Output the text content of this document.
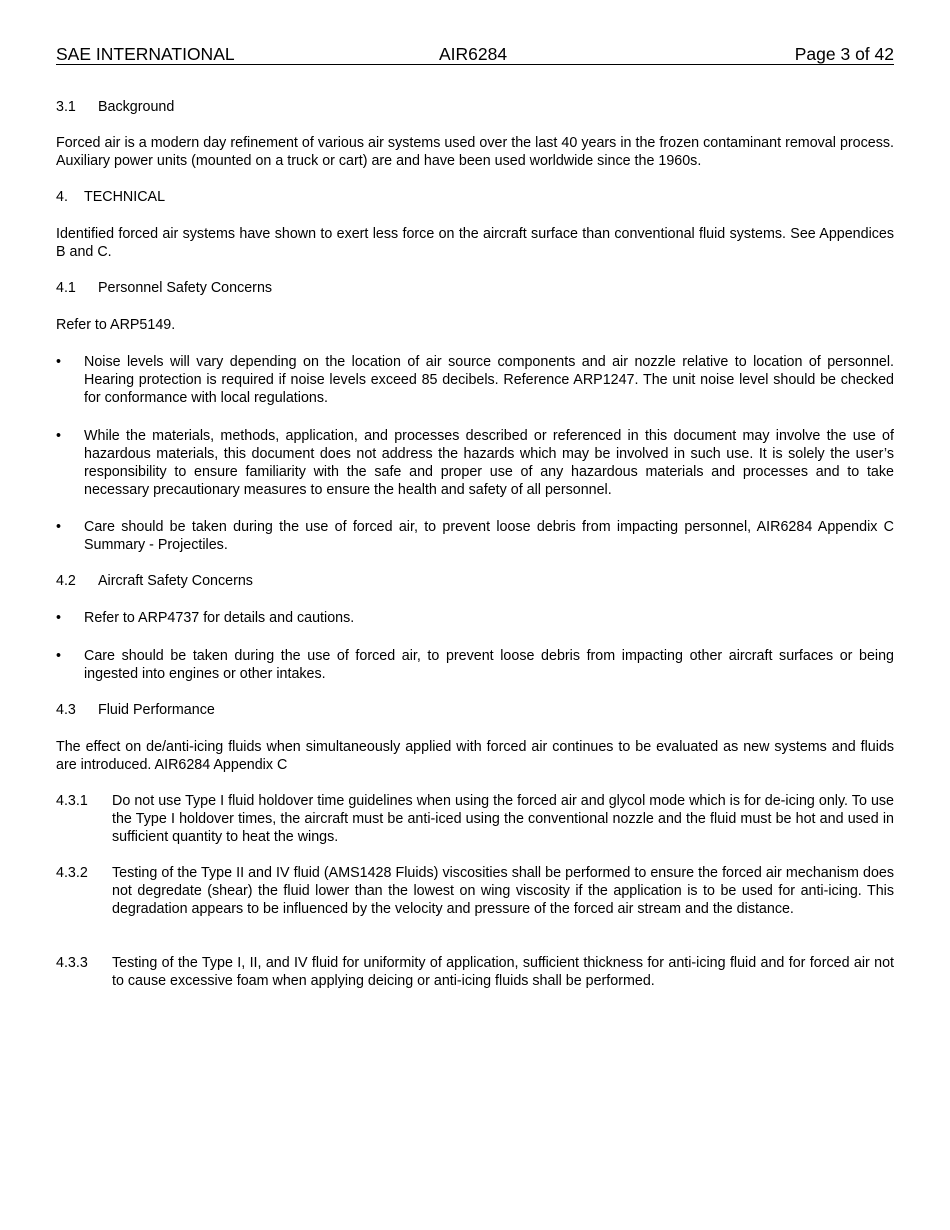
SAE INTERNATIONAL	AIR6284	Page 3 of 42
3.1 Background
Forced air is a modern day refinement of various air systems used over the last 40 years in the frozen contaminant removal process. Auxiliary power units (mounted on a truck or cart) are and have been used worldwide since the 1960s.
4. TECHNICAL
Identified forced air systems have shown to exert less force on the aircraft surface than conventional fluid systems. See Appendices B and C.
4.1 Personnel Safety Concerns
Refer to ARP5149.
•	Noise levels will vary depending on the location of air source components and air nozzle relative to location of personnel. Hearing protection is required if noise levels exceed 85 decibels. Reference ARP1247. The unit noise level should be checked for conformance with local regulations.
•	While the materials, methods, application, and processes described or referenced in this document may involve the use of hazardous materials, this document does not address the hazards which may be involved in such use. It is solely the user’s responsibility to ensure familiarity with the safe and proper use of any hazardous materials and processes and to take necessary precautionary measures to ensure the health and safety of all personnel.
•	Care should be taken during the use of forced air, to prevent loose debris from impacting personnel, AIR6284 Appendix C Summary - Projectiles.
4.2 Aircraft Safety Concerns
•	Refer to ARP4737 for details and cautions.
•	Care should be taken during the use of forced air, to prevent loose debris from impacting other aircraft surfaces or being ingested into engines or other intakes.
4.3 Fluid Performance
The effect on de/anti-icing fluids when simultaneously applied with forced air continues to be evaluated as new systems and fluids are introduced. AIR6284 Appendix C
4.3.1 Do not use Type I fluid holdover time guidelines when using the forced air and glycol mode which is for de-icing only. To use the Type I holdover times, the aircraft must be anti-iced using the conventional nozzle and the fluid must be hot and used in sufficient quantity to heat the wings.
4.3.2 Testing of the Type II and IV fluid (AMS1428 Fluids) viscosities shall be performed to ensure the forced air mechanism does not degredate (shear) the fluid lower than the lowest on wing viscosity if the application is to be used for anti-icing. This degradation appears to be influenced by the velocity and pressure of the forced air stream and the distance.
4.3.3 Testing of the Type I, II, and IV fluid for uniformity of application, sufficient thickness for anti-icing fluid and for forced air not to cause excessive foam when applying deicing or anti-icing fluids shall be performed.
